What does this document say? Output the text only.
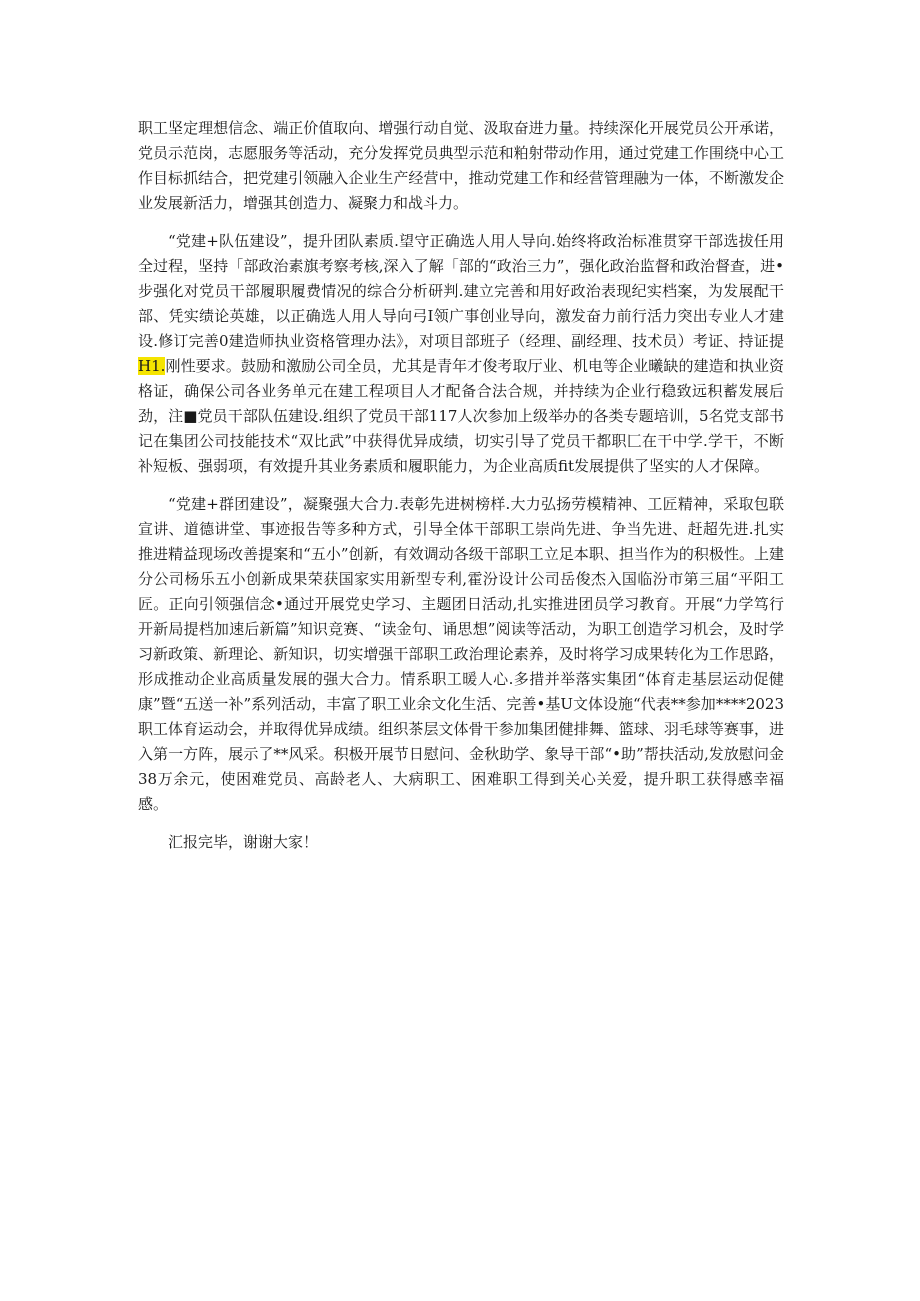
职工坚定理想信念、端正价值取向、增强行动自觉、汲取奋进力量。持续深化开展党员公开承诺，党员示范岗，志愿服务等活动，充分发挥党员典型示范和粕射带动作用，通过党建工作围绕中心工作目标抓结合，把党建引领融入企业生产经营中，推动党建工作和经营管理融为一体，不断激发企业发展新活力，增强其创造力、凝聚力和战斗力。

“党建+队伍建设”，提升团队素质.望守正确选人用人导向.始终将政治标准贯穿干部选拔任用全过程，坚持「部政治素旗考察考核,深入了解「部的“政治三力”，强化政治监督和政治督查，进•步强化对党员干部履职履费情况的综合分析研判.建立完善和用好政治表现纪实档案，为发展配干部、凭实绩论英雄，以正确选人用人导向弓I领广事创业导向，激发奋力前行活力突出专业人才建设.修订完善0建造师执业资格管理办法》，对项目部班子（经理、副经理、技术员）考证、持证提H1.刚性要求。鼓励和激励公司全员，尤其是青年才俊考取厅业、机电等企业曦缺的建造和执业资格证，确保公司各业务单元在建工程项目人才配备合法合规，并持续为企业行稳致远积蓄发展后劲，注■党员干部队伍建设.组织了党员干部117人次参加上级举办的各类专题培训，5名党支部书记在集团公司技能技术“双比武”中获得优异成绩，切实引导了党员干都职匚在干中学.学干，不断补短板、强弱项，有效提升其业务素质和履职能力，为企业高质fit发展提供了坚实的人才保障。

“党建+群团建设”，凝聚强大合力.表彰先进树榜样.大力弘扬劳模精神、工匠精神，采取包联宣讲、道德讲堂、事迹报告等多种方式，引导全体干部职工崇尚先进、争当先进、赶超先进.扎实推进精益现场改善提案和“五小”创新，有效调动各级干部职工立足本职、担当作为的积极性。上建分公司杨乐五小创新成果荣获国家实用新型专利,霍汾设计公司岳俊杰入国临汾市第三届“平阳工匠。正向引领强信念•通过开展党史学习、主题团日活动,扎实推进团员学习教育。开展“力学笃行开新局提档加速后新篇”知识竞赛、“读金句、诵思想”阅读等活动，为职工创造学习机会，及时学习新政策、新理论、新知识，切实增强干部职工政治理论素养，及时将学习成果转化为工作思路，形成推动企业高质量发展的强大合力。情系职工暖人心.多措并举落实集团“体育走基层运动促健康”暨“五送一补”系列活动，丰富了职工业余文化生活、完善•基U文体设施“代表**参加****2023职工体育运动会，并取得优异成绩。组织茶层文体骨干参加集团健排舞、篮球、羽毛球等赛事，进入第一方阵，展示了**风采。积极开展节日慰问、金秋助学、象导干部“•助”帮扶活动,发放慰问金38万余元，使困难党员、高龄老人、大病职工、困难职工得到关心关爱，提升职工获得感幸福感。

汇报完毕，谢谢大家！
